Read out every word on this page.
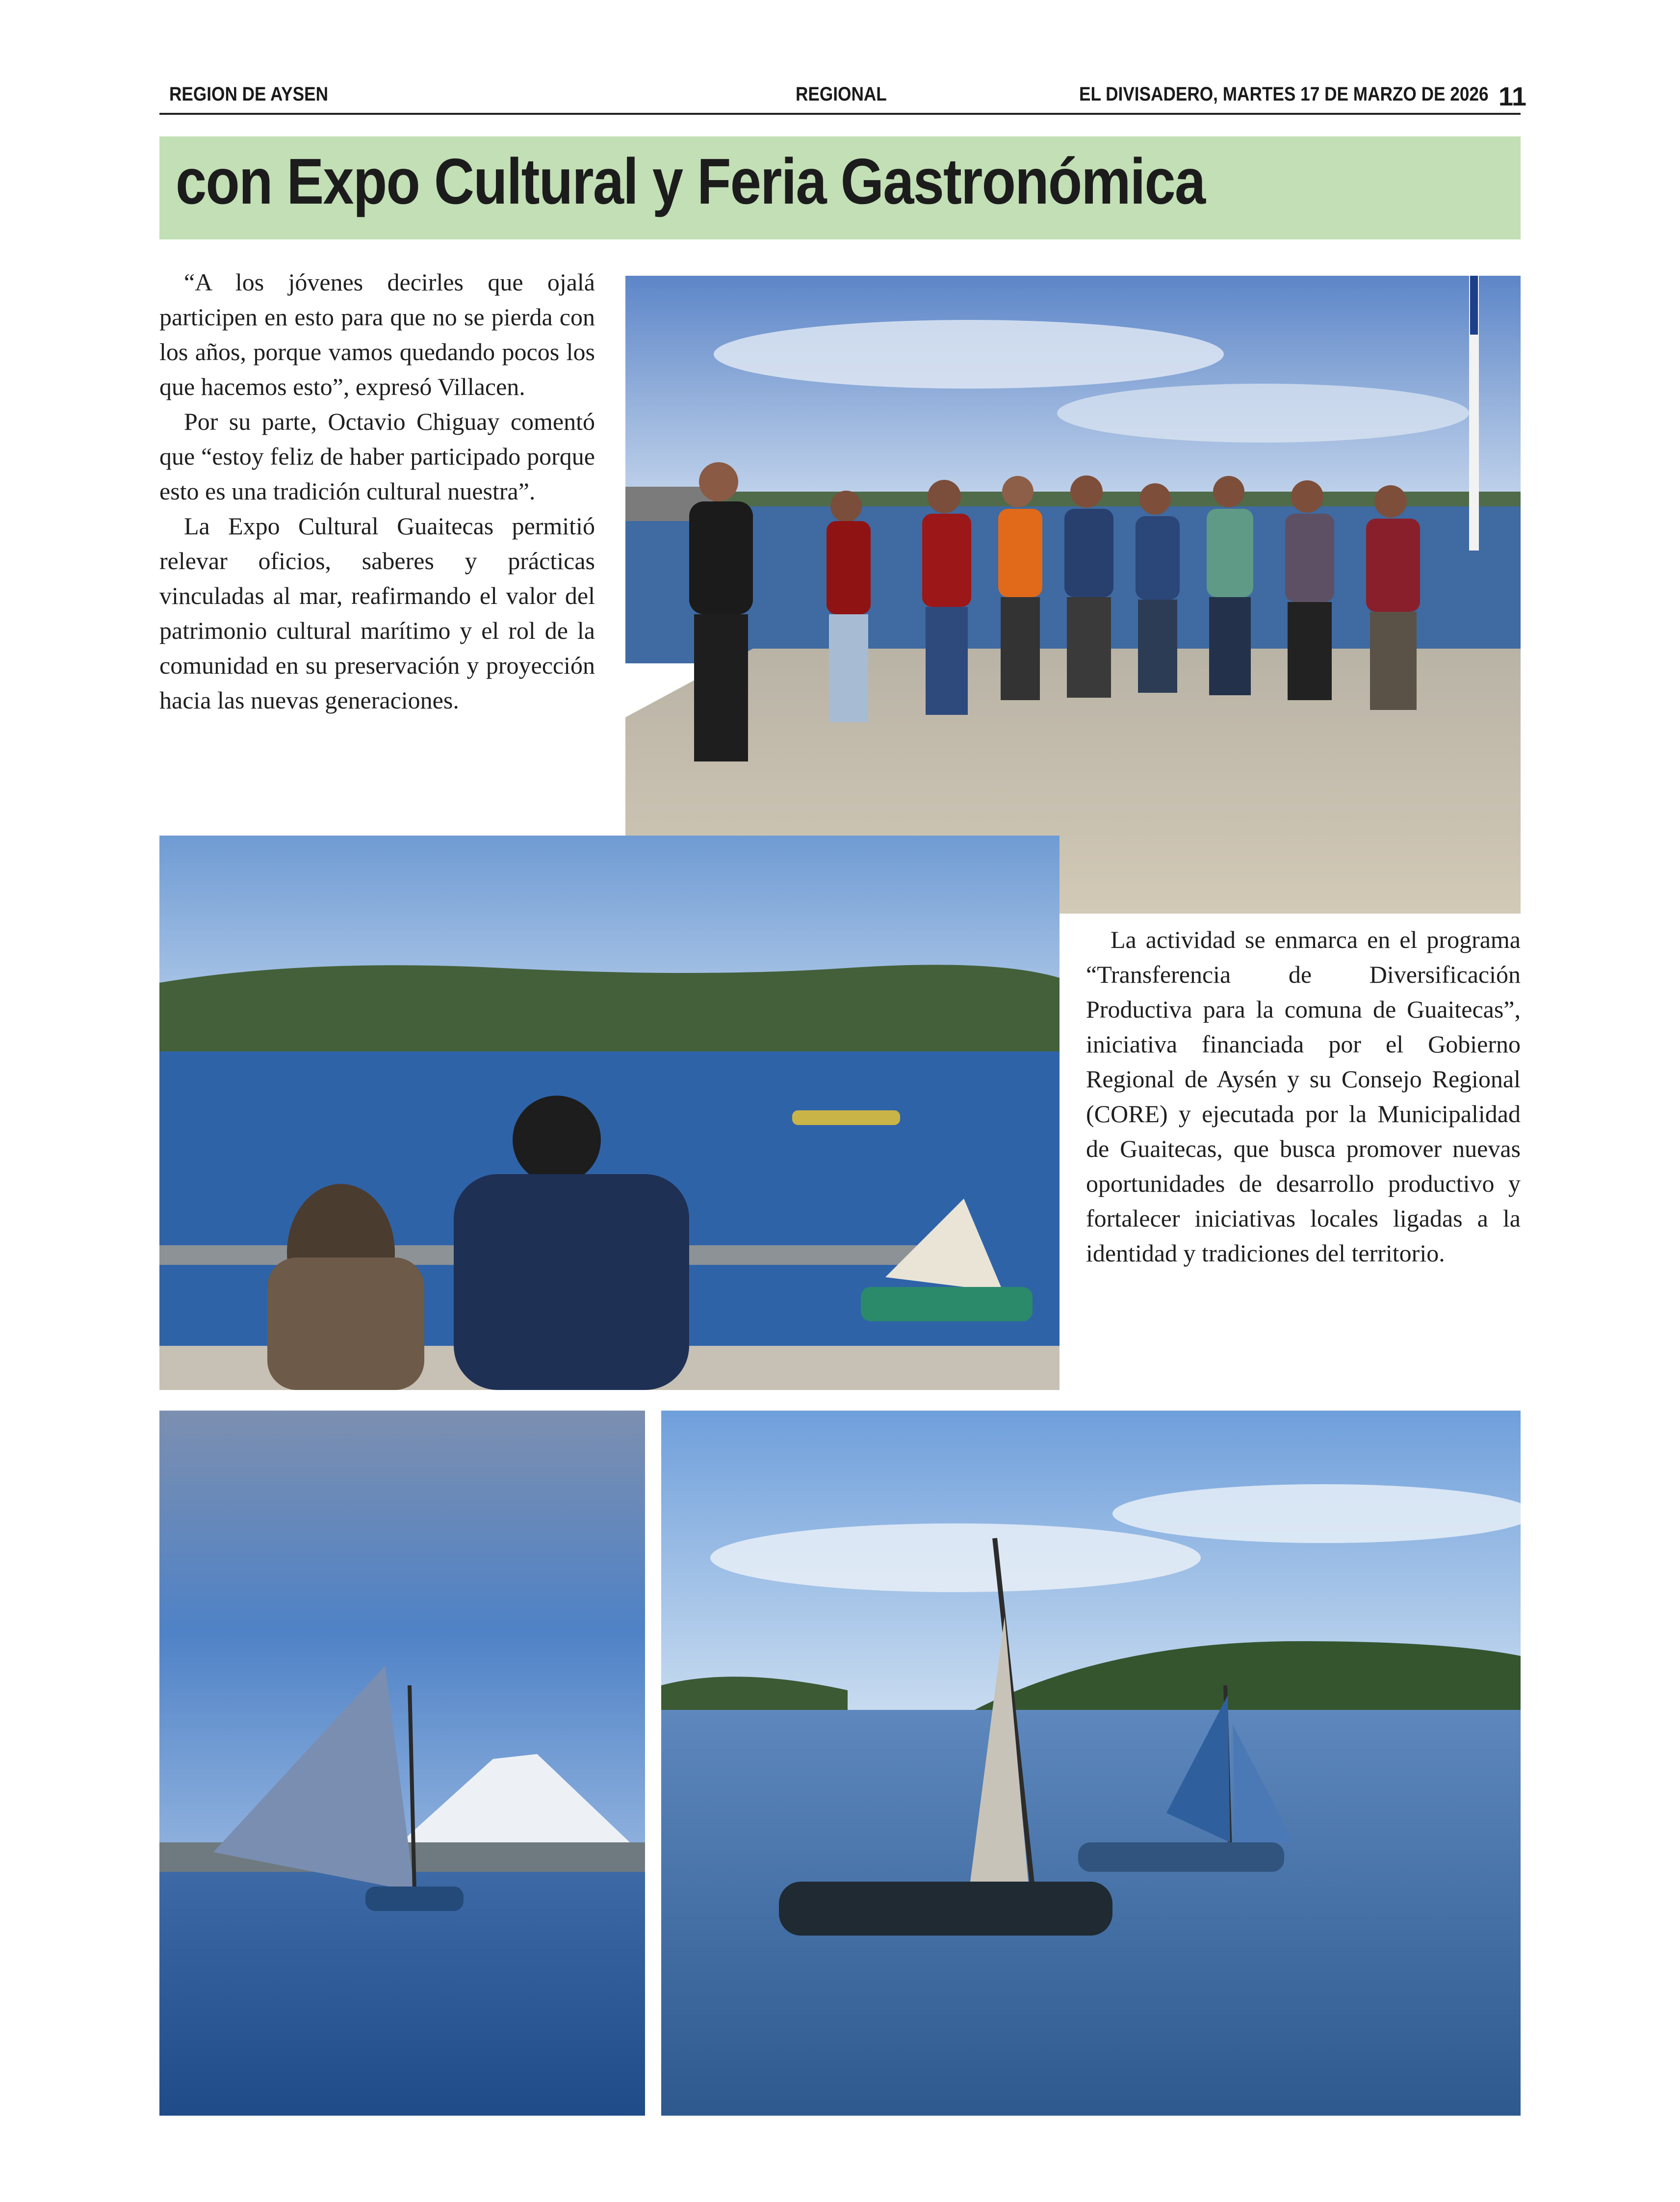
REGION DE AYSEN	REGIONAL	EL DIVISADERO, MARTES 17 DE MARZO DE 2026 11
con Expo Cultural y Feria Gastronómica

“A los jóvenes decirles que ojalá participen en esto para que no se pierda con los años, porque vamos quedando pocos los que hacemos esto”, expresó Villacen.

Por su parte, Octavio Chiguay comentó que “estoy feliz de haber participado porque esto es una tradición cultural nuestra”.

La Expo Cultural Guaitecas permitió relevar oficios, saberes y prácticas vinculadas al mar, reafirmando el valor del patrimonio cultural marítimo y el rol de la comunidad en su preservación y proyección hacia las nuevas generaciones.

La actividad se enmarca en el programa “Transferencia de Diversificación Productiva para la comuna de Guaitecas”, iniciativa financiada por el Gobierno Regional de Aysén y su Consejo Regional (CORE) y ejecutada por la Municipalidad de Guaitecas, que busca promover nuevas oportunidades de desarrollo productivo y fortalecer iniciativas locales ligadas a la identidad y tradiciones del territorio.
